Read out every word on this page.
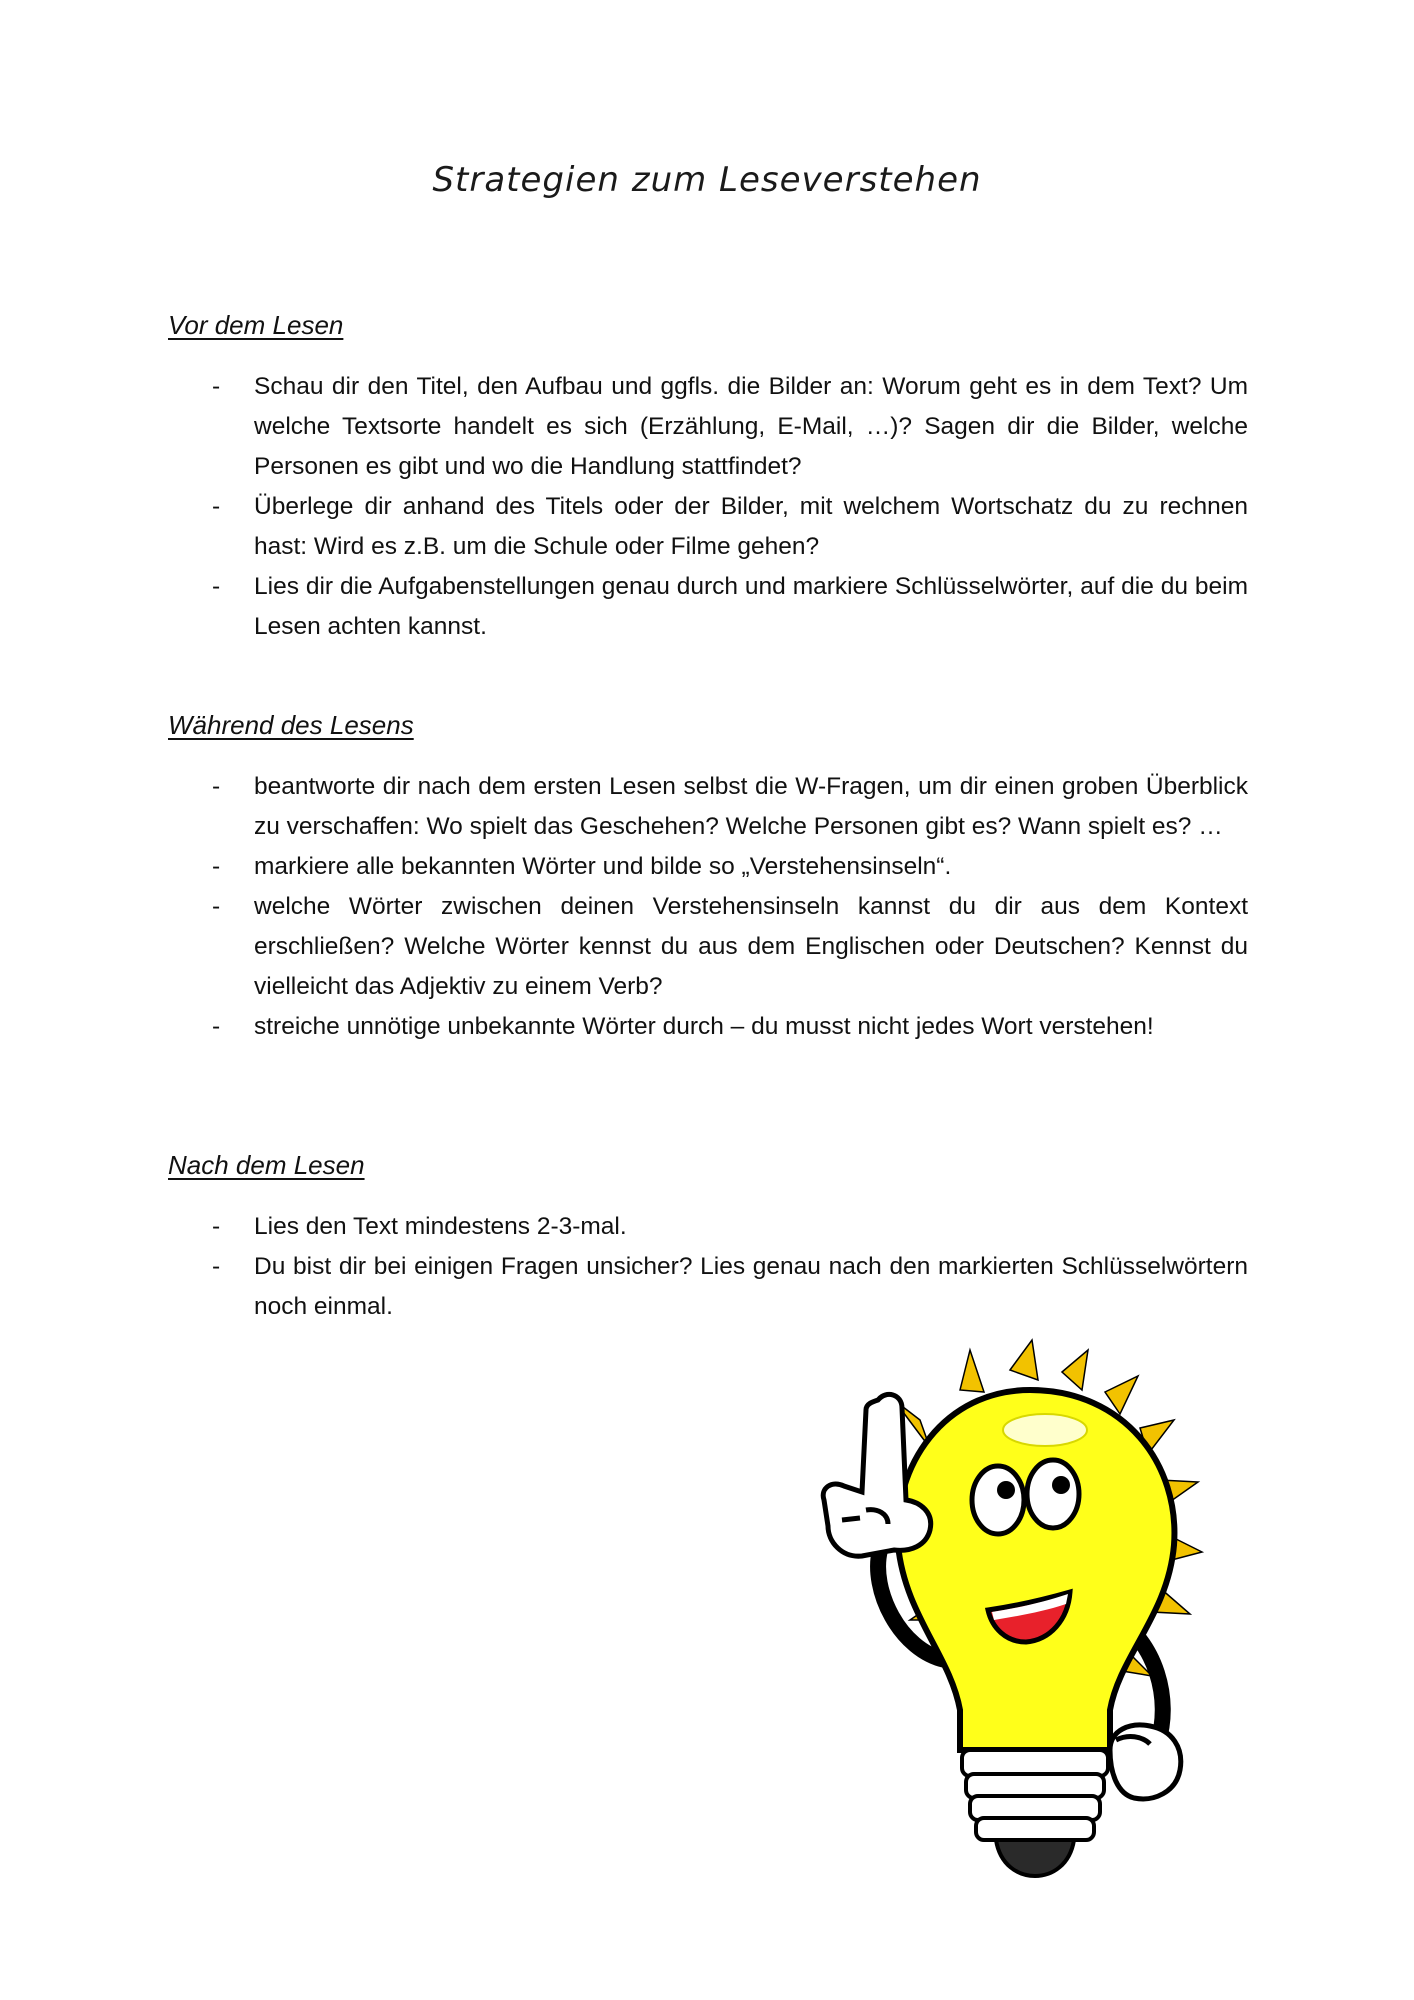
Strategien zum Leseverstehen
Vor dem Lesen
- Schau dir den Titel, den Aufbau und ggfls. die Bilder an: Worum geht es in dem Text? Um welche Textsorte handelt es sich (Erzählung, E-Mail, …)? Sagen dir die Bilder, welche Personen es gibt und wo die Handlung stattfindet?
- Überlege dir anhand des Titels oder der Bilder, mit welchem Wortschatz du zu rechnen hast: Wird es z.B. um die Schule oder Filme gehen?
- Lies dir die Aufgabenstellungen genau durch und markiere Schlüsselwörter, auf die du beim Lesen achten kannst.
Während des Lesens
- beantworte dir nach dem ersten Lesen selbst die W-Fragen, um dir einen groben Überblick zu verschaffen: Wo spielt das Geschehen? Welche Personen gibt es? Wann spielt es? …
- markiere alle bekannten Wörter und bilde so „Verstehensinseln“.
- welche Wörter zwischen deinen Verstehensinseln kannst du dir aus dem Kontext erschließen? Welche Wörter kennst du aus dem Englischen oder Deutschen? Kennst du vielleicht das Adjektiv zu einem Verb?
- streiche unnötige unbekannte Wörter durch – du musst nicht jedes Wort verstehen!
Nach dem Lesen
- Lies den Text mindestens 2-3-mal.
- Du bist dir bei einigen Fragen unsicher? Lies genau nach den markierten Schlüsselwörtern noch einmal.
